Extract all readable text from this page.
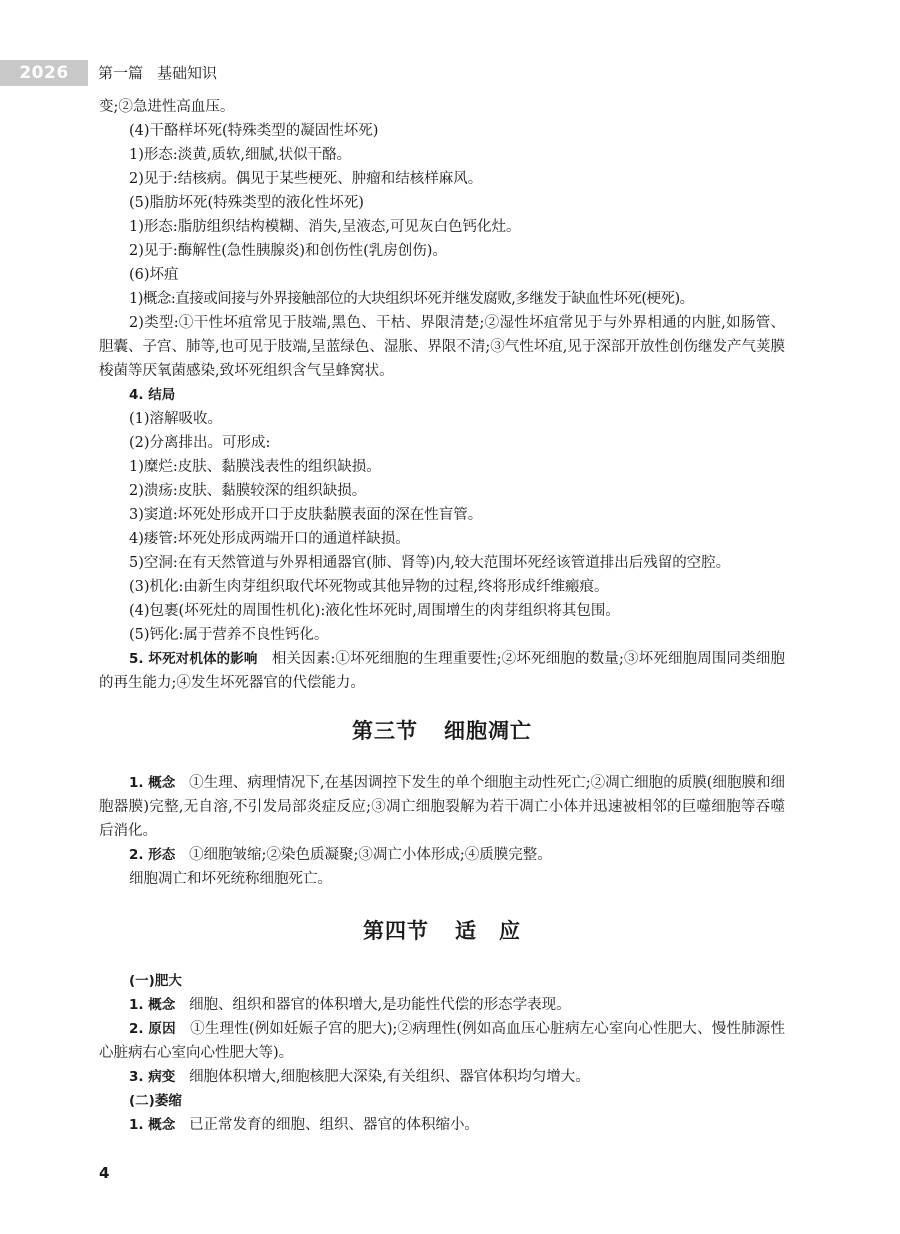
2026	第一篇 基础知识

变;②急进性高血压。

(4)干酪样坏死(特殊类型的凝固性坏死)

1)形态:淡黄,质软,细腻,状似干酪。

2)见于:结核病。偶见于某些梗死、肿瘤和结核样麻风。

(5)脂肪坏死(特殊类型的液化性坏死)

1)形态:脂肪组织结构模糊、消失,呈液态,可见灰白色钙化灶。

2)见于:酶解性(急性胰腺炎)和创伤性(乳房创伤)。

(6)坏疽

1)概念:直接或间接与外界接触部位的大块组织坏死并继发腐败,多继发于缺血性坏死(梗死)。

2)类型:①干性坏疽常见于肢端,黑色、干枯、界限清楚;②湿性坏疽常见于与外界相通的内脏,如肠管、胆囊、子宫、肺等,也可见于肢端,呈蓝绿色、湿胀、界限不清;③气性坏疽,见于深部开放性创伤继发产气荚膜梭菌等厌氧菌感染,致坏死组织含气呈蜂窝状。

4. 结局

(1)溶解吸收。

(2)分离排出。可形成:

1)糜烂:皮肤、黏膜浅表性的组织缺损。

2)溃疡:皮肤、黏膜较深的组织缺损。

3)窦道:坏死处形成开口于皮肤黏膜表面的深在性盲管。

4)瘘管:坏死处形成两端开口的通道样缺损。

5)空洞:在有天然管道与外界相通器官(肺、肾等)内,较大范围坏死经该管道排出后残留的空腔。

(3)机化:由新生肉芽组织取代坏死物或其他异物的过程,终将形成纤维瘢痕。

(4)包裹(坏死灶的周围性机化):液化性坏死时,周围增生的肉芽组织将其包围。

(5)钙化:属于营养不良性钙化。

5. 坏死对机体的影响 相关因素:①坏死细胞的生理重要性;②坏死细胞的数量;③坏死细胞周围同类细胞的再生能力;④发生坏死器官的代偿能力。

第三节 细胞凋亡

1. 概念 ①生理、病理情况下,在基因调控下发生的单个细胞主动性死亡;②凋亡细胞的质膜(细胞膜和细胞器膜)完整,无自溶,不引发局部炎症反应;③凋亡细胞裂解为若干凋亡小体并迅速被相邻的巨噬细胞等吞噬后消化。

2. 形态 ①细胞皱缩;②染色质凝聚;③凋亡小体形成;④质膜完整。

细胞凋亡和坏死统称细胞死亡。

第四节 适 应

(一)肥大

1. 概念 细胞、组织和器官的体积增大,是功能性代偿的形态学表现。

2. 原因 ①生理性(例如妊娠子宫的肥大);②病理性(例如高血压心脏病左心室向心性肥大、慢性肺源性心脏病右心室向心性肥大等)。

3. 病变 细胞体积增大,细胞核肥大深染,有关组织、器官体积均匀增大。

(二)萎缩

1. 概念 已正常发育的细胞、组织、器官的体积缩小。

4
